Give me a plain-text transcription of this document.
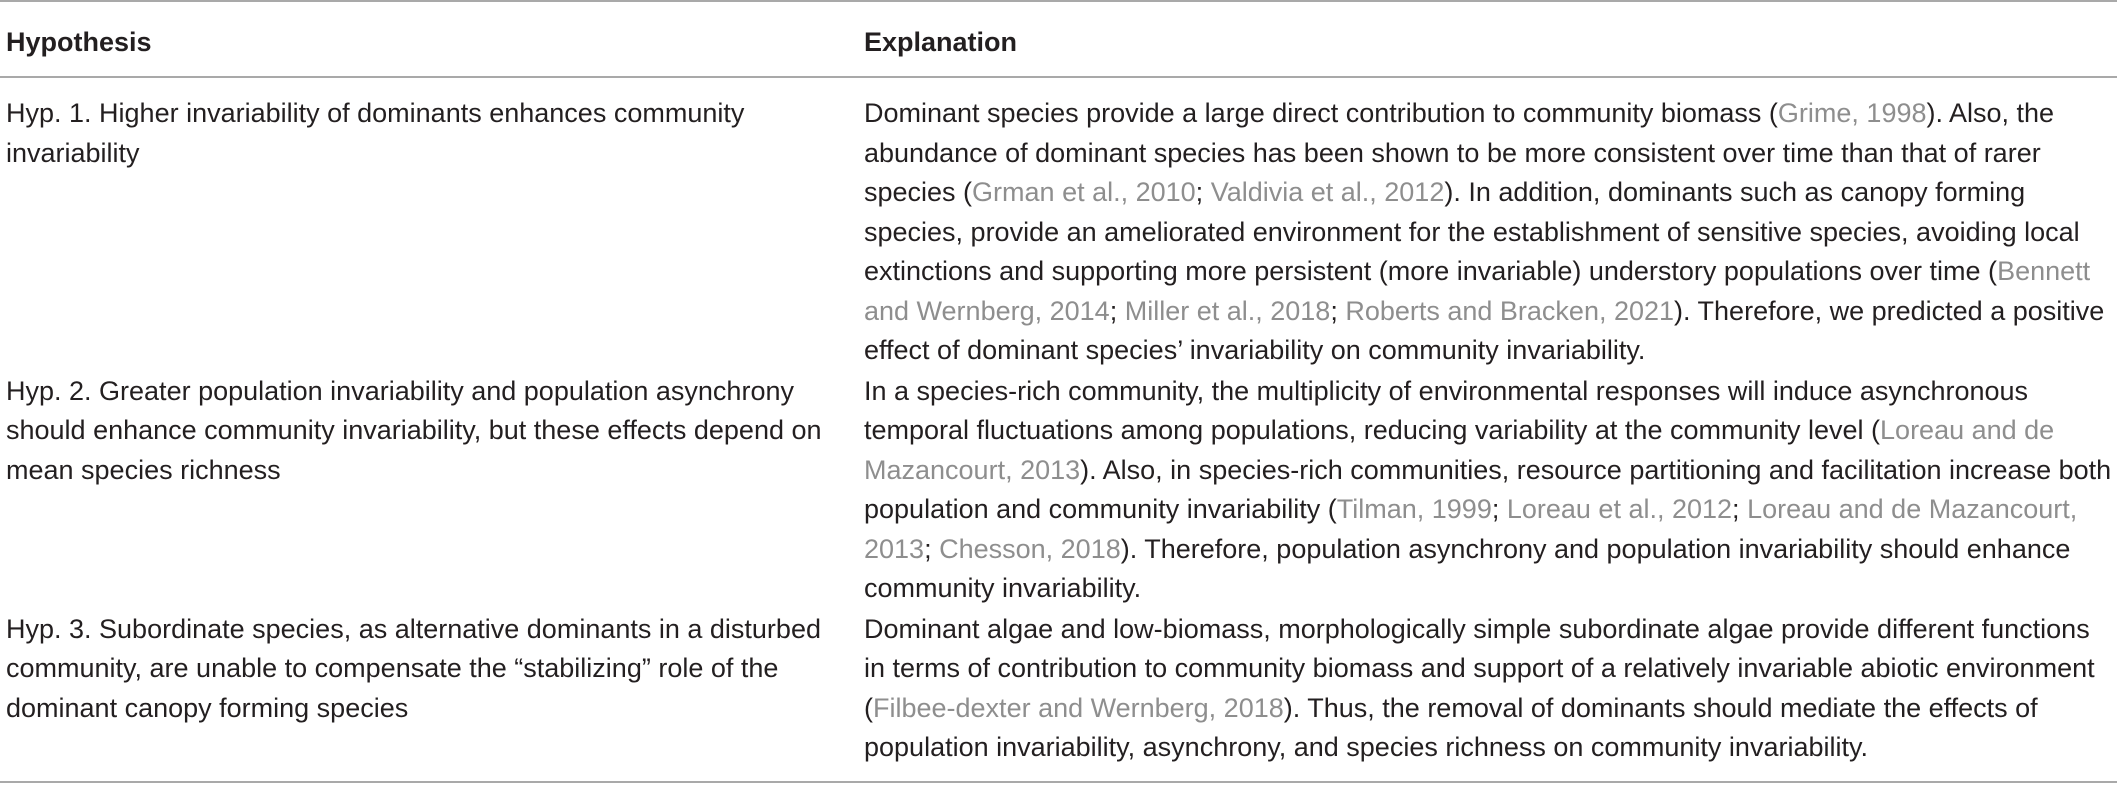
Hypothesis	Explanation
Hyp. 1. Higher invariability of dominants enhances community invariability	Dominant species provide a large direct contribution to community biomass (Grime, 1998). Also, the abundance of dominant species has been shown to be more consistent over time than that of rarer species (Grman et al., 2010; Valdivia et al., 2012). In addition, dominants such as canopy forming species, provide an ameliorated environment for the establishment of sensitive species, avoiding local extinctions and supporting more persistent (more invariable) understory populations over time (Bennett and Wernberg, 2014; Miller et al., 2018; Roberts and Bracken, 2021). Therefore, we predicted a positive effect of dominant species’ invariability on community invariability.
Hyp. 2. Greater population invariability and population asynchrony should enhance community invariability, but these effects depend on mean species richness	In a species-rich community, the multiplicity of environmental responses will induce asynchronous temporal fluctuations among populations, reducing variability at the community level (Loreau and de Mazancourt, 2013). Also, in species-rich communities, resource partitioning and facilitation increase both population and community invariability (Tilman, 1999; Loreau et al., 2012; Loreau and de Mazancourt, 2013; Chesson, 2018). Therefore, population asynchrony and population invariability should enhance community invariability.
Hyp. 3. Subordinate species, as alternative dominants in a disturbed community, are unable to compensate the “stabilizing” role of the dominant canopy forming species	Dominant algae and low-biomass, morphologically simple subordinate algae provide different functions in terms of contribution to community biomass and support of a relatively invariable abiotic environment (Filbee-dexter and Wernberg, 2018). Thus, the removal of dominants should mediate the effects of population invariability, asynchrony, and species richness on community invariability.
